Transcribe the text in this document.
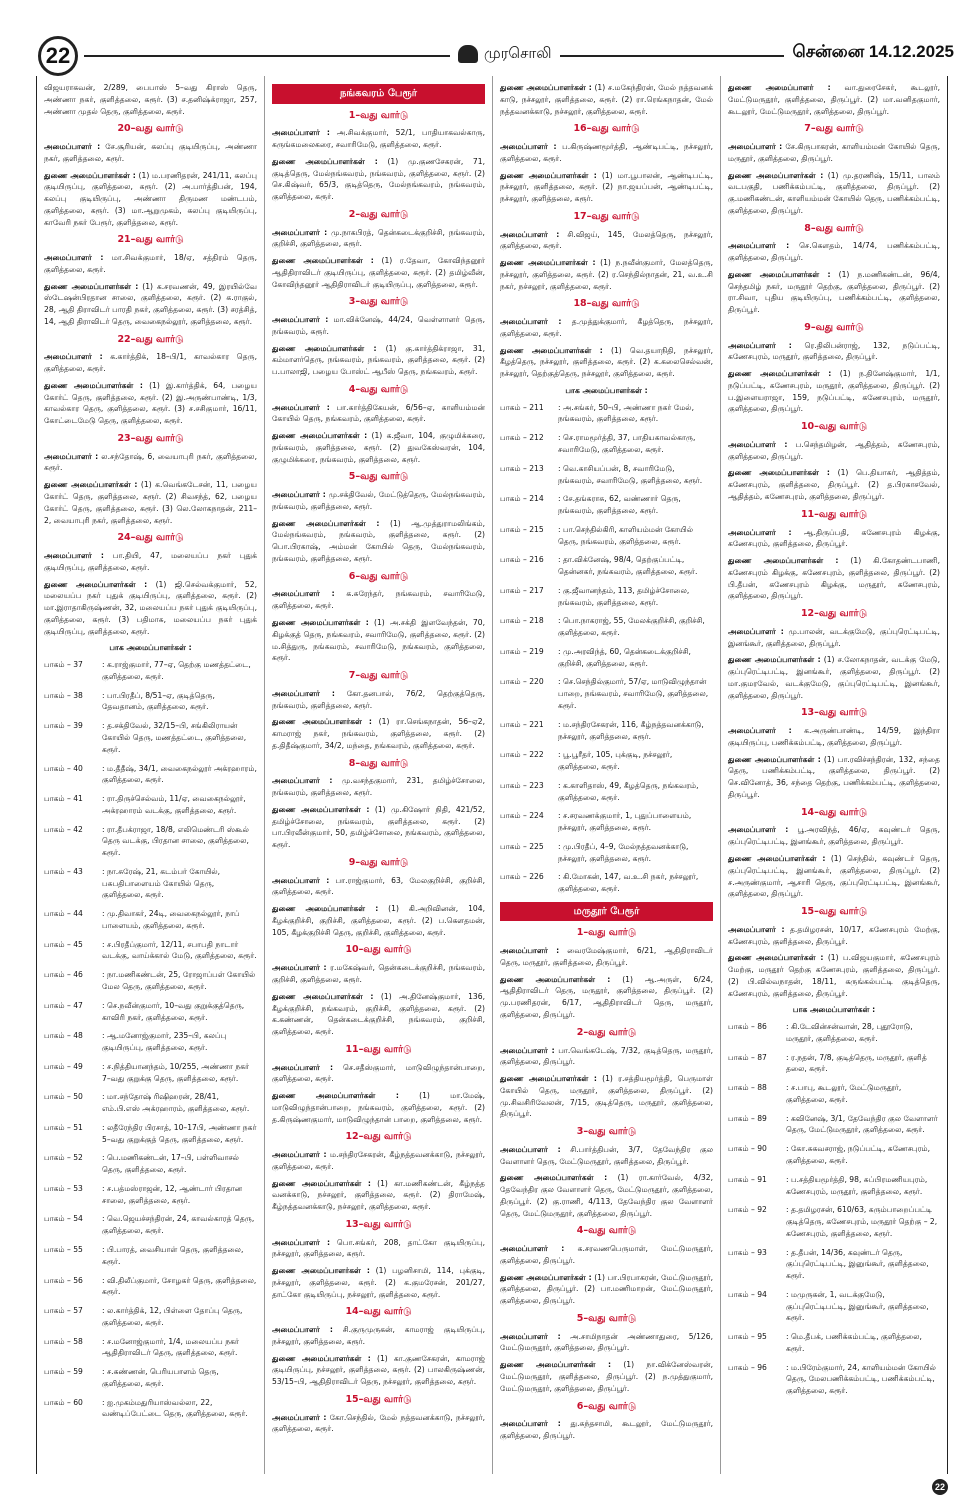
22	முரசொலி	சென்னை 14.12.2025
விஜயராகவன், 2/289, பைபாஸ் 5–வது கிராஸ் தெரு, அண்ணா நகர், குளித்தலை, கரூர். (3) ச.தனிஷ்க்ராஜா, 257, அண்ணா முதல் தெரு, குளித்தலை, கரூர்.
20–வது வார்டு
அமைப்பாளர் : சே.சூரியன், கலப்பு குடியிருப்பு, அண்ணா நகர், குளித்தலை, கரூர்.
துணை அமைப்பாளர்கள் : (1) ம.பரணிதரன், 241/11, கலப்பு குடியிருப்பு, குளித்தலை, கரூர். (2) அ.பார்த்திபன், 194, கலப்பு குடியிருப்பு, அண்ணா திருமண மண்டபம், குளித்தலை, கரூர். (3) மா.ஆறுமுகம், கலப்பு குடியிருப்பு, காவேரி நகர் பேரூர், குளித்தலை, கரூர்.
21–வது வார்டு
அமைப்பாளர் : மா.சிவக்குமார், 18/ஏ, சத்திரம் தெரு, குளித்தலை, கரூர்.
துணை அமைப்பாளர்கள் : (1) க.சரவணன், 49, இரயில்வே ஸ்டேஷன்பிரதான சாலை, குளித்தலை, கரூர். (2) க.ராகுல், 28, ஆதி திராவிடர் பாரதி நகர், குளித்தலை, கரூர். (3) சரத்சித், 14, ஆதி திராவிடர் தெரு, வைகைநல்லூர், குளித்தலை, கரூர்.
22–வது வார்டு
அமைப்பாளர் : க.கார்த்திக், 18–பி/1, காவல்கார தெரு, குளித்தலை, கரூர்.
துணை அமைப்பாளர்கள் : (1) இ.கார்த்திக், 64, பழைய கோர்ட் தெரு, குளித்தலை, கரூர். (2) இ.அருண்பாண்டி, 1/3, காவல்கார தெரு, குளித்தலை, கரூர். (3) ச.சசிகுமார், 16/11, கோட்டைமேடு தெரு, குளித்தலை, கரூர்.
23–வது வார்டு
அமைப்பாளர் : ல.சந்தோஷ், 6, வையாபுரி நகர், குளித்தலை, கரூர்.
துணை அமைப்பாளர்கள் : (1) க.வெங்கடேசன், 11, பழைய கோர்ட் தெரு, குளித்தலை, கரூர். (2) சிவசந்த், 62, பழைய கோர்ட் தெரு, குளித்தலை, கரூர். (3) லெ.லோகநாதன், 211–2, வையாபுரி நகர், குளித்தலை, கரூர்.
24–வது வார்டு
அமைப்பாளர் : பா.தியி, 47, மலையப்ப நகர் புதுக் குடியிருப்பு, குளித்தலை, கரூர்.
துணை அமைப்பாளர்கள் : (1) ஜி.செல்வக்குமார், 52, மலையப்ப நகர் புதுக் குடியிருப்பு, குளித்தலை, கரூர். (2) மா.இராதாகிருஷ்ணன், 32, மலையப்ப நகர் புதுக் குடியிருப்பு, குளித்தலை, கரூர். (3) பதிமாசு, மலையப்ப நகர் புதுக் குடியிருப்பு, குளித்தலை, கரூர்.
பாக அமைப்பாளர்கள் :
பாகம் – 37	: க.ராஜ்குமார், 77–ஏ, தெற்கு மணத்தட்டை, குளித்தலை, கரூர்.
பாகம் – 38	: பா.பிரதீப், 8/51–ஏ, குடித்தெரு, தேவதானம், குளித்தலை, கரூர்.
பாகம் – 39	: த.சக்திவேல், 32/15–பி, சங்கிலிராயன் கோயில் தெரு, மணத்தட்டை, குளித்தலை, கரூர்.
பாகம் – 40	: ம.தீதீஷ், 34/1, வைகைநல்லூர் அக்ரஹாரம், குளித்தலை, கரூர்.
பாகம் – 41	: ரா.திருச்செல்வம், 11/ஏ, வைகைநல்லூர், அக்ரஹாரம் வடக்கு, குளித்தலை, கரூர்.
பாகம் – 42	: ரா.தீபக்ராஜா, 18/8, எலிமெண்டரி ஸ்கூல் தெரு வடக்கு, பிரதான சாலை, குளித்தலை, கரூர்.
பாகம் – 43	: நா.சுரேஷ், 21, கடம்பர் கோயில், பசுபதிபாளையம் கோயில் தெரு, குளித்தலை, கரூர்.
பாகம் – 44	: மு.திவாகர், 24டி, வைகைநல்லூர், நாப் பாளையம், குளித்தலை, கரூர்.
பாகம் – 45	: ச.பிரதீப்குமார், 12/11, சபாபதி நாடார் வடக்கு, வாய்க்கால் மேடு, குளித்தலை, கரூர்.
பாகம் – 46	: நா.மணிகண்டன், 25, ரோஜாப்பள் கோயில் மேல தெரு, குளித்தலை, கரூர்.
பாகம் – 47	: செ.நவீன்குமார், 10–வது குறுக்குத்தெரு, காவிரி நகர், குளித்தலை, கரூர்.
பாகம் – 48	: ஆ.மனோஜ்குமார், 235–பி, கலப்பு குடியிருப்பு, குளித்தலை, கரூர்.
பாகம் – 49	: ச.நித்தியானந்தம், 10/255, அண்ணா நகர் 7–வது குறுக்கு தெரு, குளித்தலை, கரூர்.
பாகம் – 50	: மா.சந்தோஷ் ரிஷிஹரன், 28/41, எம்.பி.எஸ் அக்ரஹாரம், குளித்தலை, கரூர்.
பாகம் – 51	: லதீரேந்திர பிரசாத், 10–17பி, அண்ணா நகர் 5–வது குறுக்குத் தெரு, குளித்தலை, கரூர்.
பாகம் – 52	: பெ.மணிகண்டன், 17–பி, பள்ளிவாசல் தெரு, குளித்தலை, கரூர்.
பாகம் – 53	: ச.பத்மஸ்ராஜன், 12, ஆண்டார் பிரதான சாலை, குளித்தலை, கரூர்.
பாகம் – 54	: வெ.ஜெயச்சந்திரன், 24, காவல்காரத் தெரு, குளித்தலை, கரூர்.
பாகம் – 55	: பி.பாரத், வைசியாள் தெரு, குளித்தலை, கரூர்.
பாகம் – 56	: வி.திலீப்குமார், சோழகர் தெரு, குளித்தலை, கரூர்.
பாகம் – 57	: ல.கார்த்திக், 12, பிள்ளை தோப்பு தெரு, குளித்தலை, கரூர்.
பாகம் – 58	: ச.மனோஜ்குமார், 1/4, மலையப்ப நகர் ஆதிதிராவிடர் தெரு, குளித்தலை, கரூர்.
பாகம் – 59	: ச.கண்ணன், பெரியபாளம் தெரு, குளித்தலை, கரூர்.
பாகம் – 60	: ஐ.முகம்மதுரியாஸ்வல்லா, 22, வண்டிப்பேட்டை தெரு, குளித்தலை, கரூர்.
நங்கவரம் பேரூர்
1–வது வார்டு
அமைப்பாளர் : அ.சிவக்குமார், 52/1, பாதியாகவல்காரு, கருங்கமலைகரை, சவாரிமேடு, குளித்தலை, கரூர்.
துணை அமைப்பாளர்கள் : (1) மு.குணசேகரன், 71, குடித்தெரு, மேல்நங்கவரம், நங்கவரம், குளித்தலை, கரூர். (2) செ.கிஷ்வர், 65/3, குடித்தெரு, மேல்நங்கவரம், நங்கவரம், குளித்தலை, கரூர்.
2–வது வார்டு
அமைப்பாளர் : மு.நாகபிரத், தென்கடைக்குறிச்சி, நங்கவரம், குறிச்சி, குளித்தலை, கரூர்.
துணை அமைப்பாளர்கள் : (1) ர.தேவா, கோவிந்தனூர் ஆதிதிராவிடர் குடியிருப்பு, குளித்தலை, கரூர். (2) தமிழ்வீன், கோவிந்தனூர் ஆதிதிராவிடர் குடியிருப்பு, குளித்தலை, கரூர்.
3–வது வார்டு
அமைப்பாளர் : மா.விக்னேஷ், 44/24, வெள்ளாளர் தெரு, நங்கவரம், கரூர்.
துணை அமைப்பாளர்கள் : (1) கு.கார்த்திக்ராஜா, 31, கம்மாளர்தெரு, நங்கவரம், நங்கவரம், குளித்தலை, கரூர். (2) ப.பாலாஜி, பழைய போஸ்ட் ஆபீஸ் தெரு, நங்கவரம், கரூர்.
4–வது வார்டு
அமைப்பாளர் : பா.கார்த்திகேயன், 6/56–ஏ, காளியம்மன் கோயில் தெரு, நங்கவரம், குளித்தலை, கரூர்.
துணை அமைப்பாளர்கள் : (1) க.ஜீவா, 104, குழுமிக்கரை, நங்கவரம், குளித்தலை, கரூர். (2) துவகேஸ்வரன், 104, குழுமிக்கரை, நங்கவரம், குளித்தலை, கரூர்.
5–வது வார்டு
அமைப்பாளர் : மு.சக்திவேல், மேட்டுத்தெரு, மேல்நங்கவரம், நங்கவரம், குளித்தலை, கரூர்.
துணை அமைப்பாளர்கள் : (1) ஆ.முத்துராமலிங்கம், மேல்நங்கவரம், நங்கவரம், குளித்தலை, கரூர். (2) பொ.பிரகாஷ், அம்மன் கோயில் தெரு, மேல்நங்கவரம், நங்கவரம், குளித்தலை, கரூர்.
6–வது வார்டு
அமைப்பாளர் : க.சுரேந்தர், நங்கவரம், சவாரிமேடு, குளித்தலை, கரூர்.
துணை அமைப்பாளர்கள் : (1) அ.சக்தி இளவேந்தன், 70, கிழக்குத் தெரு, நங்கவரம், சவாரிமேடு, குளித்தலை, கரூர். (2) ம.சித்துரு, நங்கவரம், சவாரிமேடு, நங்கவரம், குளித்தலை, கரூர்.
7–வது வார்டு
அமைப்பாளர் : கோ.தனபால், 76/2, தெற்குத்தெரு, நங்கவரம், குளித்தலை, கரூர்.
துணை அமைப்பாளர்கள் : (1) ரா.செங்கநாதன், 56–ஏ2, காமராஜ் நகர், நங்கவரம், குளித்தலை, கரூர். (2) த.திதீஷ்குமார், 34/2, மந்தை, நங்கவரம், குளித்தலை, கரூர்.
8–வது வார்டு
அமைப்பாளர் : மு.வசந்தகுமார், 231, தமிழ்ச்சோலை, நங்கவரம், குளித்தலை, கரூர்.
துணை அமைப்பாளர்கள் : (1) மு.கிஷோர் நிதி, 421/52, தமிழ்ச்சோலை, நங்கவரம், குளித்தலை, கரூர். (2) பா.பிரவீன்குமார், 50, தமிழ்ச்சோலை, நங்கவரம், குளித்தலை, கரூர்.
9–வது வார்டு
அமைப்பாளர் : பா.ராஜ்குமார், 63, மேலகுறிச்சி, குறிச்சி, குளித்தலை, கரூர்.
துணை அமைப்பாளர்கள் : (1) கி.அறிவினன், 104, கீழக்குறிச்சி, குறிச்சி, குளித்தலை, கரூர். (2) ப.கௌதமன், 105, கீழக்குறிச்சி தெரு, குறிச்சி, குளித்தலை, கரூர்.
10–வது வார்டு
அமைப்பாளர் : ர.மகேஷ்வர், தென்கடைக்குறிச்சி, நங்கவரம், குறிச்சி, குளித்தலை, கரூர்.
துணை அமைப்பாளர்கள் : (1) அ.தினேஷ்குமார், 136, கீழக்குறிச்சி, நங்கவரம், குறிச்சி, குளித்தலை, கரூர். (2) க.கண்ணன், தென்கடைக்குறிச்சி, நங்கவரம், குறிச்சி, குளித்தலை, கரூர்.
11–வது வார்டு
அமைப்பாளர் : செ.சதீஸ்குமார், மாடுவிழுந்தான்பாறை, குளித்தலை, கரூர்.
துணை அமைப்பாளர்கள் :	(1) மா.மேஷ், மாடுவிழுந்தான்பாறை, நங்கவரம், குளித்தலை, கரூர். (2) த.கிருஷ்ணகுமார், மாடுவிழுந்தான் பாறை, குளித்தலை, கரூர்.
12–வது வார்டு
அமைப்பாளர் : ம.சந்திரசேகரன், கீழ்நத்தவனக்காடு, நச்சலூர், குளித்தலை, கரூர்.
துணை அமைப்பாளர்கள் : (1) கா.மணிகண்டன், கீழ்நத்த வனக்காடு, நச்சலூர், குளித்தலை, கரூர். (2) திராமேஷ், கீழ்நத்தவனக்காடு, நச்சலூர், குளித்தலை, கரூர்.
13–வது வார்டு
அமைப்பாளர் : பொ.சங்கர், 208, தாட்கோ குடியிருப்பு, நச்சலூர், குளித்தலை, கரூர்.
துணை அமைப்பாளர்கள் : (1) பழனிசாமி, 114, புக்குடி, நச்சலூர், குளித்தலை, கரூர். (2) க.குமரேசன், 201/27, தாட்கோ குடியிருப்பு, நச்சலூர், குளித்தலை, கரூர்.
14–வது வார்டு
அமைப்பாளர் : சி.குருமுருகன், காமராஜ் குடியிருப்பு, நச்சலூர், குளித்தலை, கரூர்.
துணை அமைப்பாளர்கள் : (1) கா.குணசேகரன், காமராஜ் குடியிருப்பு, நச்சலூர், குளித்தலை, கரூர். (2) பாலகிருஷ்ணன், 53/15–பி, ஆதிதிராவிடர் தெரு, நச்சலூர், குளித்தலை, கரூர்.
15–வது வார்டு
அமைப்பாளர் : கோ.செந்தில், மேல் நத்தவனக்காடு, நச்சலூர், குளித்தலை, கரூர்.
துணை அமைப்பாளர்கள் : (1) ச.மகேந்திரன், மேல் நத்தவனக் காடு, நச்சலூர், குளித்தலை, கரூர். (2) ரா.ரெங்கநாதன், மேல் நத்தவனக்காடு, நச்சலூர், குளித்தலை, கரூர்.
16–வது வார்டு
அமைப்பாளர் : ப.கிருஷ்ணமூர்த்தி, ஆண்டிபட்டி, நச்சலூர், குளித்தலை, கரூர்.
துணை அமைப்பாளர்கள் : (1) மா.பூபாலன், ஆண்டிபட்டி, நச்சலூர், குளித்தலை, கரூர். (2) நா.ஜயப்பன், ஆண்டிபட்டி, நச்சலூர், குளித்தலை, கரூர்.
17–வது வார்டு
அமைப்பாளர் : சி.விஜய், 145, மேலத்தெரு, நச்சலூர், குளித்தலை, கரூர்.
துணை அமைப்பாளர்கள் : (1) ந.நவீன்குமார், மேலத்தெரு, நச்சலூர், குளித்தலை, கரூர். (2) ர.செந்தில்நாதன், 21, வ.உ.சி நகர், நச்சலூர், குளித்தலை, கரூர்.
18–வது வார்டு
அமைப்பாளர் : த.முத்துக்குமார், கீழத்தெரு, நச்சலூர், குளித்தலை, கரூர்.
துணை அமைப்பாளர்கள் : (1) வெ.தயாநிதி, நச்சலூர், கீழத்தெரு, நச்சலூர், குளித்தலை, கரூர். (2) க.கலைசெல்வன், நச்சலூர், தெற்குத்தெரு, நச்சலூர், குளித்தலை, கரூர்.
பாக அமைப்பாளர்கள் :
பாகம் – 211	: அ.சங்கர், 50–பி, அண்ணா நகர் மேல், நங்கவரம், குளித்தலை, கரூர்.
பாகம் – 212	: செ.ராமமூர்த்தி, 37, பாதியகாவல்காரு, சவாரிமேடு, குளித்தலை, கரூர்.
பாகம் – 213	: வெ.காசியப்பன், 8, சவாரிமேடு, நங்கவரம், சவாரிமேடு, குளித்தலை, கரூர்.
பாகம் – 214	: சே.தங்கராசு, 62, வண்ணார் தெரு, நங்கவரம், குளித்தலை, கரூர்.
பாகம் – 215	: பா.செந்தில்கிரி, காளியம்மன் கோயில் தெரு, நங்கவரம், குளித்தலை, கரூர்.
பாகம் – 216	: தா.விக்னேஷ், 98/4, தெற்குப்பட்டி, தென்னகர், நங்கவரம், குளித்தலை, கரூர்.
பாகம் – 217	: கு.ஜீவானந்தம், 113, தமிழ்ச்சோலை, நங்கவரம், குளித்தலை, கரூர்.
பாகம் – 218	: பொ.நாகராஜ், 55, மேலக்குறிச்சி, குறிச்சி, குளித்தலை, கரூர்.
பாகம் – 219	: மு.அரவிந்த், 60, தென்கடைக்குறிச்சி, குறிச்சி, குளித்தலை, கரூர்.
பாகம் – 220	: செ.செந்தில்குமார், 57/ஏ, மாடுவிழுந்தான் பாறை, நங்கவரம், சவாரிமேடு, குளித்தலை, கரூர்.
பாகம் – 221	: ம.சந்திரசேகரன், 116, கீழ்நத்தவனக்காடு, நச்சலூர், குளித்தலை, கரூர்.
பாகம் – 222	: பூ.பூரீதர், 105, புக்குடி, நச்சலூர், குளித்தலை, கரூர்.
பாகம் – 223	: க.காளிதாஸ், 49, கீழத்தெரு, நங்கவரம், குளித்தலை, கரூர்.
பாகம் – 224	: ச.சரவணக்குமார், 1, புதுப்பாளையம், நச்சலூர், குளித்தலை, கரூர்.
பாகம் – 225	: மு.பிரதீப், 4–9, மேல்நத்தவனக்காடு, நச்சலூர், குளித்தலை, கரூர்.
பாகம் – 226	: கி.மோகன், 147, வ.உ.சி நகர், நச்சலூர், குளித்தலை, கரூர்.
மருதூர் பேரூர்
1–வது வார்டு
அமைப்பாளர் : வைரமேஷ்குமார், 6/21, ஆதிதிராவிடர் தெரு, மருதூர், குளித்தலை, திருப்பூர்.
துணை அமைப்பாளர்கள் : (1) ஆ.அருள், 6/24, ஆதிதிராவிடர் தெரு, மருதூர், குளித்தலை, திருப்பூர். (2) மு.பரணிதரன், 6/17, ஆதிதிராவிடர் தெரு, மருதூர், குளித்தலை, திருப்பூர்.
2–வது வார்டு
அமைப்பாளர் : பா.வெங்கடேஷ், 7/32, குடித்தெரு, மருதூர், குளித்தலை, திருப்பூர்.
துணை அமைப்பாளர்கள் : (1) ர.சத்தியமூர்த்தி, பெருமாள் கோயில் தெரு, மருதூர், குளித்தலை, திருப்பூர். (2) மு.சிவசிரிவேலன், 7/15, குடித்தெரு, மருதூர், குளித்தலை, திருப்பூர்.
3–வது வார்டு
அமைப்பாளர் : சி.பார்த்திபன், 3/7, தேவேந்திர குல வேளாளர் தெரு, மேட்டுமருதூர், குளித்தலை, திருப்பூர்.
துணை அமைப்பாளர்கள் : (1) ரா.கார்வேல், 4/32, தேவேந்திர குல வேளாளர் தெரு, மேட்டுமருதூர், குளித்தலை, திருப்பூர். (2) கு.ராணி, 4/113, தேவேந்திர குல வேளாளர் தெரு, மேட்டுமருதூர், குளித்தலை, திருப்பூர்.
4–வது வார்டு
அமைப்பாளர் : க.சரவணபெருமாள், மேட்டுமருதூர், குளித்தலை, திருப்பூர்.
துணை அமைப்பாளர்கள் : (1) பா.பிரபாகரன், மேட்டுமருதூர், குளித்தலை, திருப்பூர். (2) பா.மணிமாறன், மேட்டுமருதூர், குளித்தலை, திருப்பூர்.
5–வது வார்டு
அமைப்பாளர் : அ.சாமிநாதன் அண்ணாதுரை, 5/126, மேட்டுமருதூர், குளித்தலை, திருப்பூர்.
துணை அமைப்பாளர்கள் : (1) நா.விக்னேஸ்வரன், மேட்டுமருதூர், குளித்தலை, திருப்பூர். (2) ந.முத்துகுமார், மேட்டுமருதூர், குளித்தலை, திருப்பூர்.
6–வது வார்டு
அமைப்பாளர் : து.சுந்தசாமி, கூடலூர், மேட்டுமருதூர், குளித்தலை, திருப்பூர்.
துணை அமைப்பாளர் : வா.துரைசேகர், கூடலூர், மேட்டுமருதூர், குளித்தலை, திருப்பூர். (2) மா.வனிதகுமார், கூடலூர், மேட்டுமருதூர், குளித்தலை, திருப்பூர்.
7–வது வார்டு
அமைப்பாளர் : சே.கிருபாகரன், காளியம்மன் கோயில் தெரு, மருதூர், குளித்தலை, திருப்பூர்.
துணை அமைப்பாளர்கள் : (1) மு.தரணிஷ், 15/11, பாலம் வடபகுதி, பணிக்கம்பட்டி, குளித்தலை, திருப்பூர். (2) கு.மணிகண்டன், காளியம்மன் கோயில் தெரு, பணிக்கம்பட்டி, குளித்தலை, திருப்பூர்.
8–வது வார்டு
அமைப்பாளர் : செ.கௌதம், 14/74, பணிக்கம்பட்டி, குளித்தலை, திருப்பூர்.
துணை அமைப்பாளர்கள் : (1) ந.மணிகண்டன், 96/4, செந்தமிழ் நகர், மருதூர் தெற்கு, குளித்தலை, திருப்பூர். (2) ரா.சிவா, புதிய குடியிருப்பு, பணிக்கம்பட்டி, குளித்தலை, திருப்பூர்.
9–வது வார்டு
அமைப்பாளர் : ரெ.திலிபன்ராஜ், 132, நடுப்பட்டி, கணேசபுரம், மருதூர், குளித்தலை, திருப்பூர்.
துணை அமைப்பாளர்கள் : (1) ந.தினேஷ்குமார், 1/1, நடுப்பட்டி, கணேசபுரம், மருதூர், குளித்தலை, திருப்பூர். (2) ப.இளையராஜா, 159, நடுப்பட்டி, கணேசபுரம், மருதூர், குளித்தலை, திருப்பூர்.
10–வது வார்டு
அமைப்பாளர் : ப.செந்தமிழன், ஆதித்தம், கணேசபுரம், குளித்தலை, திருப்பூர்.
துணை அமைப்பாளர்கள் : (1) பெ.தியாகர், ஆதித்தம், கணேசபுரம், குளித்தலை, திருப்பூர். (2) த.பிரகாசவேல், ஆதித்தம், கணேசபுரம், குளித்தலை, திருப்பூர்.
11–வது வார்டு
அமைப்பாளர் : ஆ.திருப்பதி, கணேசபுரம் கிழக்கு, கணேசபுரம், குளித்தலை, திருப்பூர்.
துணை அமைப்பாளர்கள் : (1) கி.கோதண்டபாணி, கணேசபுரம் கிழக்கு, கணேசபுரம், குளித்தலை, திருப்பூர். (2) பி.தீபன், கணேசபுரம் கிழக்கு, மருதூர், கணேசபுரம், குளித்தலை, திருப்பூர்.
12–வது வார்டு
அமைப்பாளர் : மு.பாலன், வடக்குமேடு, குப்புரெட்டிபட்டி, இனங்கூர், குளித்தலை, திருப்பூர்.
துணை அமைப்பாளர்கள் : (1) ச.லோகநாதன், வடக்கு மேடு, குப்புரெட்டிபட்டி, இனங்கூர், குளித்தலை, திருப்பூர். (2) மா.குமரவேல், வடக்குமேடு, குப்புரெட்டிபட்டி, இனங்கூர், குளித்தலை, திருப்பூர்.
13–வது வார்டு
அமைப்பாளர் : க.அருண்பாண்டி, 14/59, இந்திரா குடியிருப்பு, பணிக்கம்பட்டி, குளித்தலை, திருப்பூர்.
துணை அமைப்பாளர்கள் : (1) பா.ரவிச்சந்திரன், 132, சந்தை தெரு, பணிக்கம்பட்டி, குளித்தலை, திருப்பூர். (2) செ.வினோத், 36, சந்தை தெற்கு, பணிக்கம்பட்டி, குளித்தலை, திருப்பூர்.
14–வது வார்டு
அமைப்பாளர் : பூ.அரவிந்த், 46/ஏ, கவுண்டர் தெரு, குப்புரெட்டிபட்டி, இனங்கூர், குளித்தலை, திருப்பூர்.
துணை அமைப்பாளர்கள் : (1) செந்தில், கவுண்டர் தெரு, குப்புரெட்டிபட்டி, இனங்கூர், குளித்தலை, திருப்பூர். (2) ச.அருண்குமார், ஆசாரி தெரு, குப்புரெட்டிபட்டி, இனங்கூர், குளித்தலை, திருப்பூர்.
15–வது வார்டு
அமைப்பாளர் : த.தமிழரசன், 10/17, கணேசபுரம் மேற்கு, கணேசபுரம், குளித்தலை, திருப்பூர்.
துணை அமைப்பாளர்கள் : (1) ப.விஜயகுமார், கணேசபுரம் மேற்கு, மருதூர் தெற்கு கணேசபுரம், குளித்தலை, திருப்பூர். (2) பி.வில்வநாதன், 18/11, கருங்கல்பட்டி குடித்தெரு, கணேசபுரம், குளித்தலை, திருப்பூர்.
பாக அமைப்பாளர்கள் :
பாகம் – 86	: கி.டேவின்சன்வான், 28, புதூரோடு, மருதூர், குளித்தலை, கரூர்.
பாகம் – 87	: ர.நதன், 7/8, குடித்தெரு, மருதூர், குளித் தலை, கரூர்.
பாகம் – 88	: ச.பாபு, கூடலூர், மேட்டுமருதூர், குளித்தலை, கரூர்.
பாகம் – 89	: கவினேஷ், 3/1, தேவேந்திர குல வேளாளர் தெரு, மேட்டுமருதூர், குளித்தலை, கரூர்.
பாகம் – 90	: கோ.சுகவசராஜ், நடுப்பட்டி, கணேசபுரம், குளித்தலை, கரூர்.
பாகம் – 91	: ப.சத்தியமூர்த்தி, 98, சுப்பிரமணியபுரம், கணேசபுரம், மருதூர், குளித்தலை, கரூர்.
பாகம் – 92	: த.தமிழரசன், 610/63, கரும்பாறைப்பட்டி குடித்தெரு, கணேசபுரம், மருதூர் தெற்கு – 2, கணேசபுரம், குளித்தலை, கரூர்.
பாகம் – 93	: த.தீபன், 14/36, கவுண்டர் தெரு, குப்புரெட்டிபட்டி, இனுங்கூர், குளித்தலை, கரூர்.
பாகம் – 94	: மமுருகன், 1, வடக்குமேடு, குப்புரெட்டிபட்டி, இனுங்கூர், குளித்தலை, கரூர்.
பாகம் – 95	: மெ.தீபக், பணிக்கம்பட்டி, குளித்தலை, கரூர்.
பாகம் – 96	: ம.பிரேம்குமார், 24, காளியம்மன் கோயில் தெரு, மேலபணிக்கம்பட்டி, பணிக்கம்பட்டி, குளித்தலை, கரூர்.
22
